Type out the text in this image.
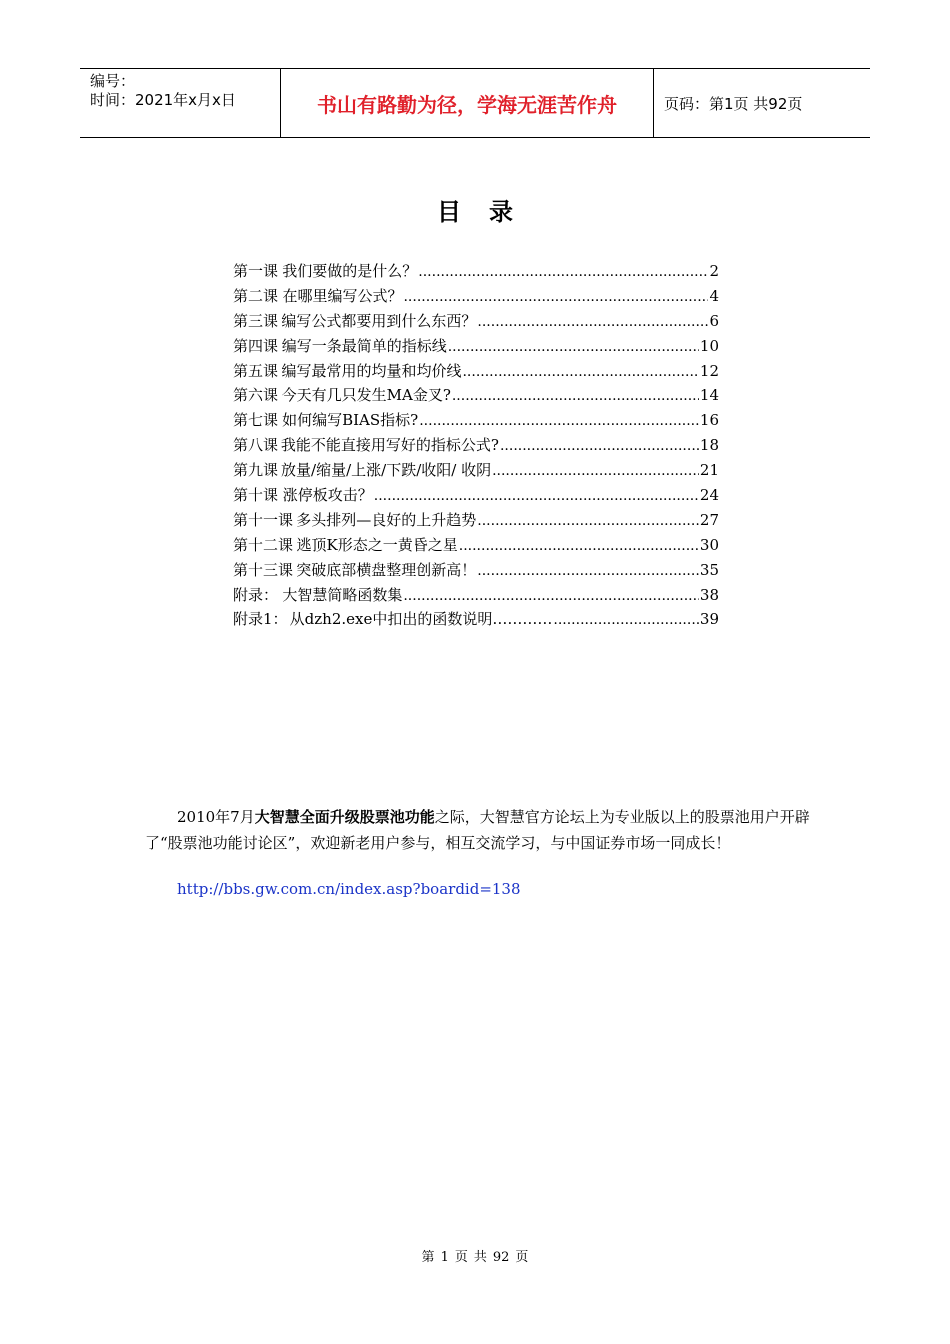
编号：
时间：2021年x月x日	书山有路勤为径，学海无涯苦作舟	页码：第1页 共92页
目录
第一课 我们要做的是什么？ .....	2
第二课 在哪里编写公式？ .....	4
第三课 编写公式都要用到什么东西？ .....	6
第四课 编写一条最简单的指标线 .....	10
第五课 编写最常用的均量和均价线 .....	12
第六课 今天有几只发生MA金叉? .....	14
第七课 如何编写BIAS指标? .....	16
第八课 我能不能直接用写好的指标公式? .....	18
第九课 放量/缩量/上涨/下跌/收阳/ 收阴 .....	21
第十课 涨停板攻击？ .....	24
第十一课 多头排列—良好的上升趋势 .....	27
第十二课 逃顶K形态之一黄昏之星 .....	30
第十三课 突破底部横盘整理创新高！ .....	35
附录： 大智慧简略函数集 .....	38
附录1： 从dzh2.exe中扣出的函数说明………… .....	39
2010年7月大智慧全面升级股票池功能之际，大智慧官方论坛上为专业版以上的股票池用户开辟了“股票池功能讨论区”，欢迎新老用户参与，相互交流学习，与中国证券市场一同成长！
http://bbs.gw.com.cn/index.asp?boardid=138
第 1 页 共 92 页
